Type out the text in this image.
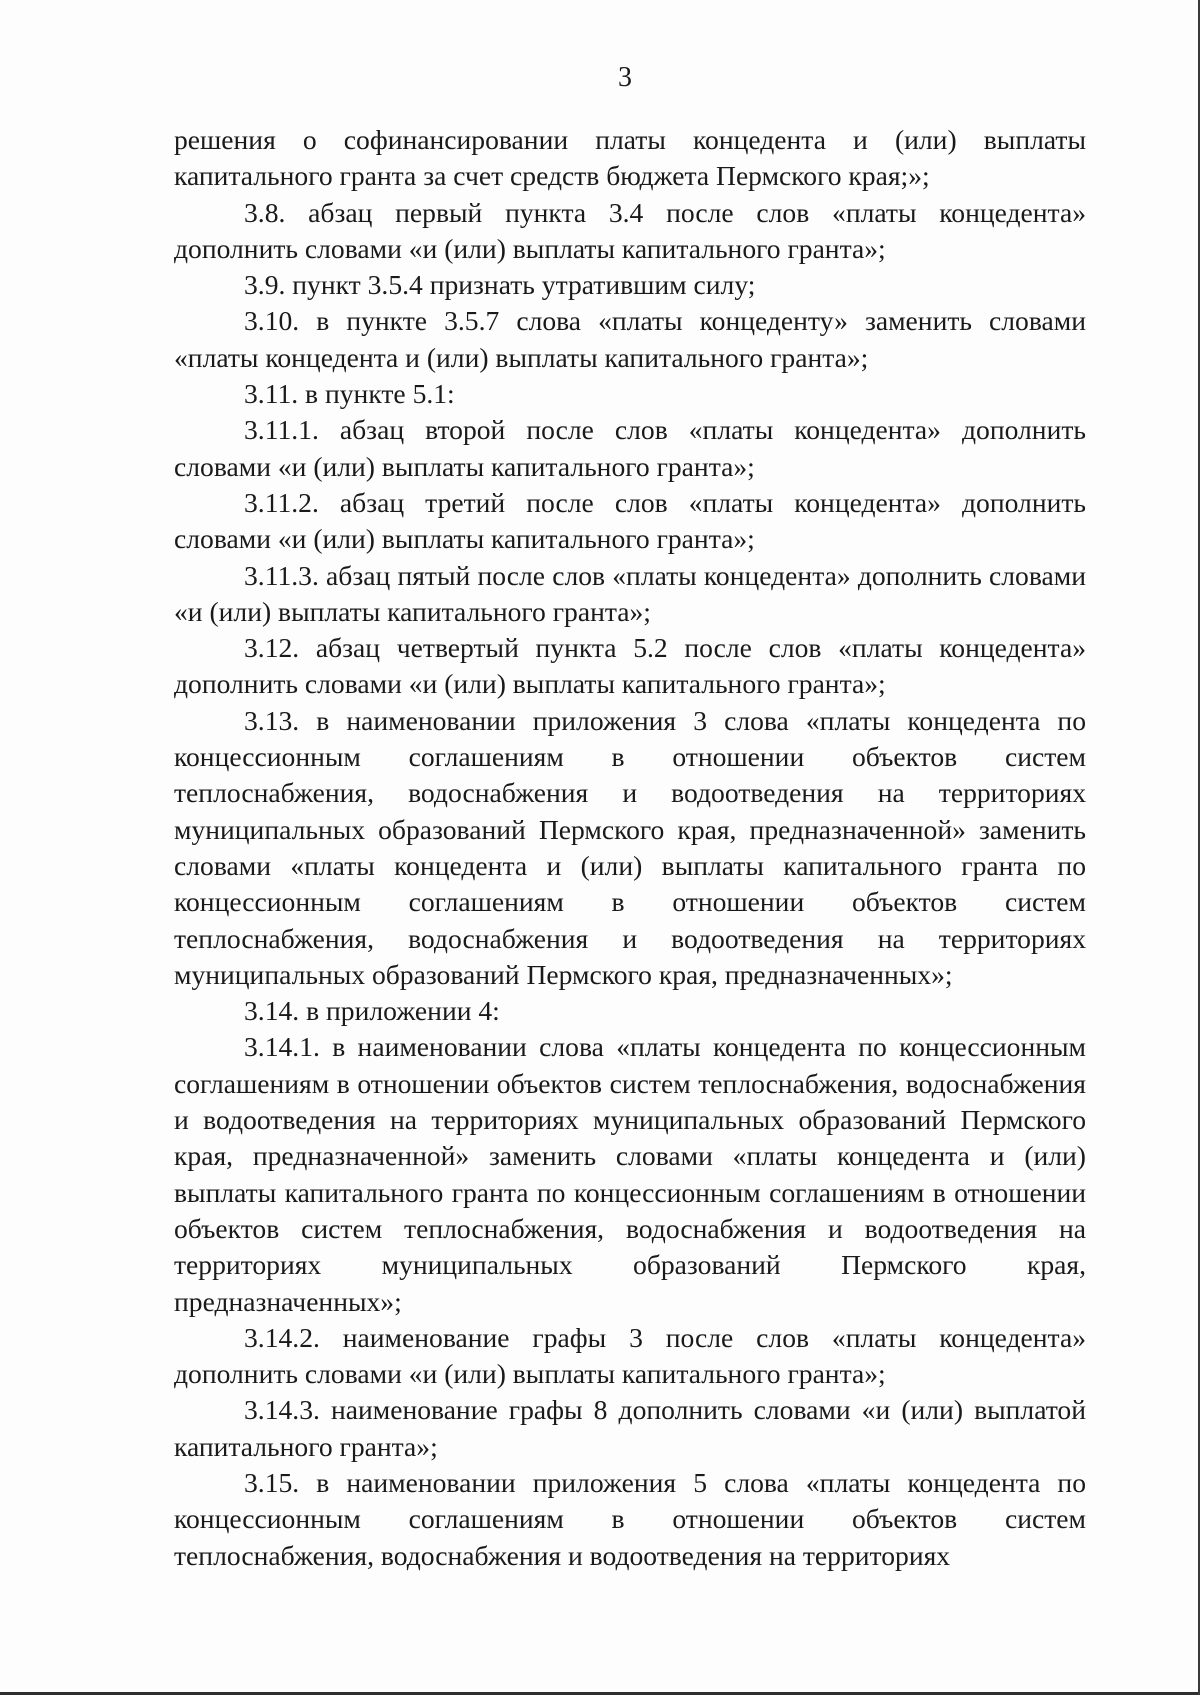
3

решения о софинансировании платы концедента и (или) выплаты капитального гранта за счет средств бюджета Пермского края;»;

3.8. абзац первый пункта 3.4 после слов «платы концедента» дополнить словами «и (или) выплаты капитального гранта»;

3.9. пункт 3.5.4 признать утратившим силу;

3.10. в пункте 3.5.7 слова «платы концеденту» заменить словами «платы концедента и (или) выплаты капитального гранта»;

3.11. в пункте 5.1:

3.11.1. абзац второй после слов «платы концедента» дополнить словами «и (или) выплаты капитального гранта»;

3.11.2. абзац третий после слов «платы концедента» дополнить словами «и (или) выплаты капитального гранта»;

3.11.3. абзац пятый после слов «платы концедента» дополнить словами «и (или) выплаты капитального гранта»;

3.12. абзац четвертый пункта 5.2 после слов «платы концедента» дополнить словами «и (или) выплаты капитального гранта»;

3.13. в наименовании приложения 3 слова «платы концедента по концессионным соглашениям в отношении объектов систем теплоснабжения, водоснабжения и водоотведения на территориях муниципальных образований Пермского края, предназначенной» заменить словами «платы концедента и (или) выплаты капитального гранта по концессионным соглашениям в отношении объектов систем теплоснабжения, водоснабжения и водоотведения на территориях муниципальных образований Пермского края, предназначенных»;

3.14. в приложении 4:

3.14.1. в наименовании слова «платы концедента по концессионным соглашениям в отношении объектов систем теплоснабжения, водоснабжения и водоотведения на территориях муниципальных образований Пермского края, предназначенной» заменить словами «платы концедента и (или) выплаты капитального гранта по концессионным соглашениям в отношении объектов систем теплоснабжения, водоснабжения и водоотведения на территориях муниципальных образований Пермского края, предназначенных»;

3.14.2. наименование графы 3 после слов «платы концедента» дополнить словами «и (или) выплаты капитального гранта»;

3.14.3. наименование графы 8 дополнить словами «и (или) выплатой капитального гранта»;

3.15. в наименовании приложения 5 слова «платы концедента по концессионным соглашениям в отношении объектов систем теплоснабжения, водоснабжения и водоотведения на территориях
